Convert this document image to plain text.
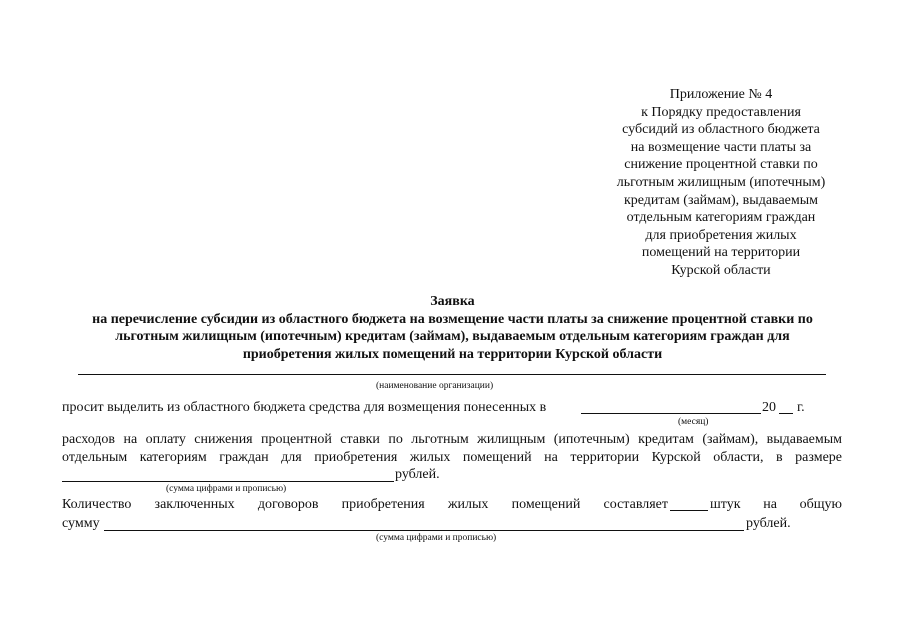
Приложение № 4
к Порядку предоставления
субсидий из областного бюджета
на возмещение части платы за
снижение процентной ставки по
льготным жилищным (ипотечным)
кредитам (займам), выдаваемым
отдельным категориям граждан
для приобретения жилых
помещений на территории
Курской области
Заявка
на перечисление субсидии из областного бюджета на возмещение части платы за снижение процентной ставки по
льготным жилищным (ипотечным) кредитам (займам), выдаваемым отдельным категориям граждан для
приобретения жилых помещений на территории Курской области
(наименование организации)
просит выделить из областного бюджета средства для возмещения понесенных в	20 г.
(месяц)
расходов на оплату снижения процентной ставки по льготным жилищным (ипотечным) кредитам (займам), выдаваемым
отдельным категориям граждан для приобретения жилых помещений на территории Курской области, в размере
рублей.
(сумма цифрами и прописью)
Количество заключенных договоров приобретения жилых помещений составляет	штук на общую
сумму	рублей.
(сумма цифрами и прописью)
